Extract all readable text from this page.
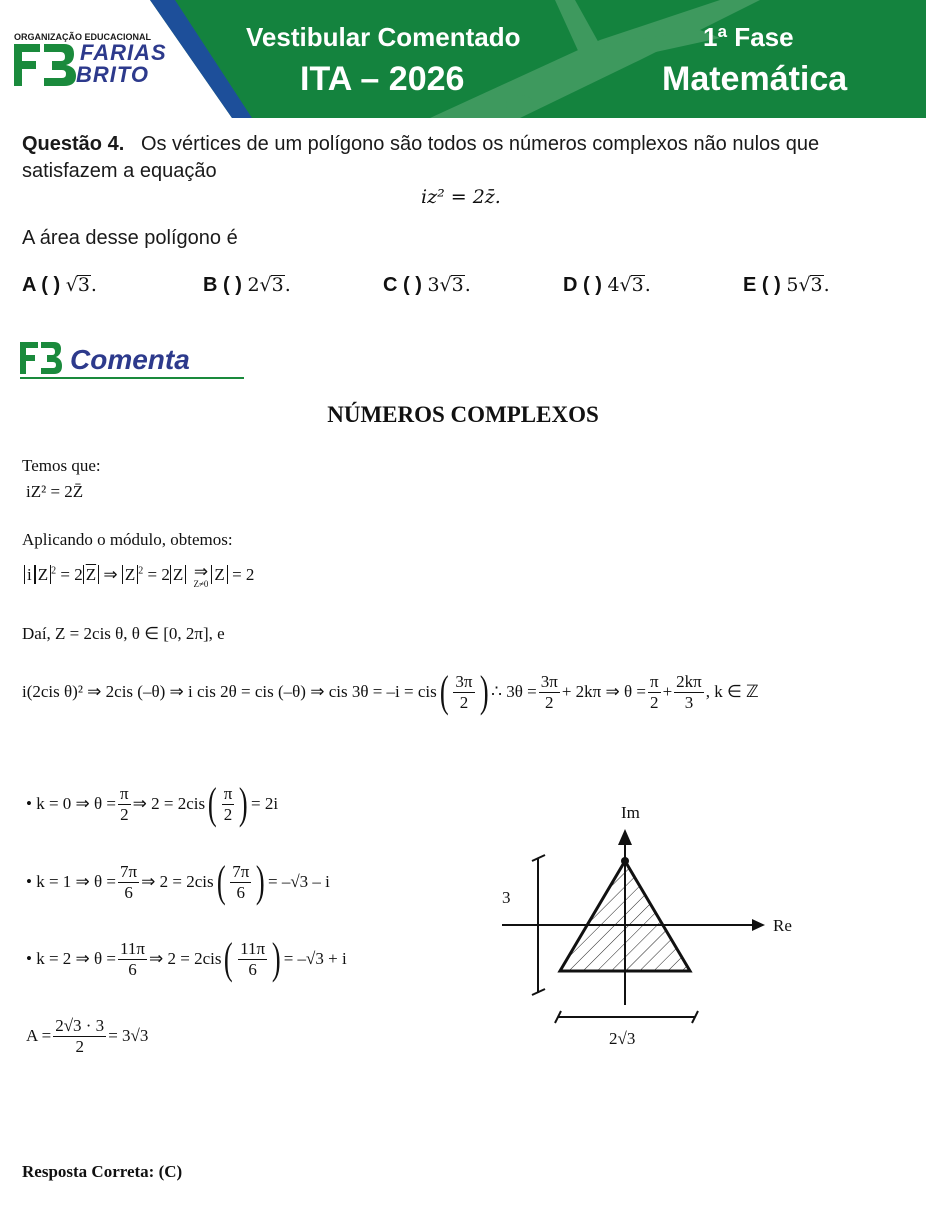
ORGANIZAÇÃO EDUCACIONAL
FARIAS
BRITO
Vestibular Comentado
ITA – 2026
1ª Fase
Matemática
Questão 4. Os vértices de um polígono são todos os números complexos não nulos que
satisfazem a equação
iz² = 2z̄.
A área desse polígono é
A ( ) √3.	B ( ) 2√3.	C ( ) 3√3.	D ( ) 4√3.	E ( ) 5√3.
Comenta
NÚMEROS COMPLEXOS
Temos que:
iZ² = 2Z̄
Aplicando o módulo, obtemos:
i Z $^2$ = 2 $\overline{Z}$ ⇒ Z $^2$ = 2 Z ⇒
Z≠0
Z = 2
Daí, Z = 2cis θ, θ ∈ [0, 2π], e
i(2cis θ)² ⇒ 2cis (–θ) ⇒ i cis 2θ = cis (–θ) ⇒ cis 3θ = –i = cis ( $\frac{3\pi}{2}$ ) ∴ $3\theta = \frac{3\pi}{2} + 2k\pi$ ⇒ $\theta = \frac{\pi}{2} + \frac{2k\pi}{3}$ , k ∈ ℤ
• k = 0 ⇒ $\theta = \frac{\pi}{2}$ ⇒ 2 = 2cis ( $\frac{\pi}{2}$ ) = 2i
• k = 1 ⇒ $\theta = \frac{7\pi}{6}$ ⇒ 2 = 2cis ( $\frac{7\pi}{6}$ ) = –√3 – i
• k = 2 ⇒ $\theta = \frac{11\pi}{6}$ ⇒ 2 = 2cis ( $\frac{11\pi}{6}$ ) = –√3 + i
$A = \frac{2√3 \cdot 3}{2} = 3√3$
Im
Re
3
2√3
Resposta Correta: (C)
